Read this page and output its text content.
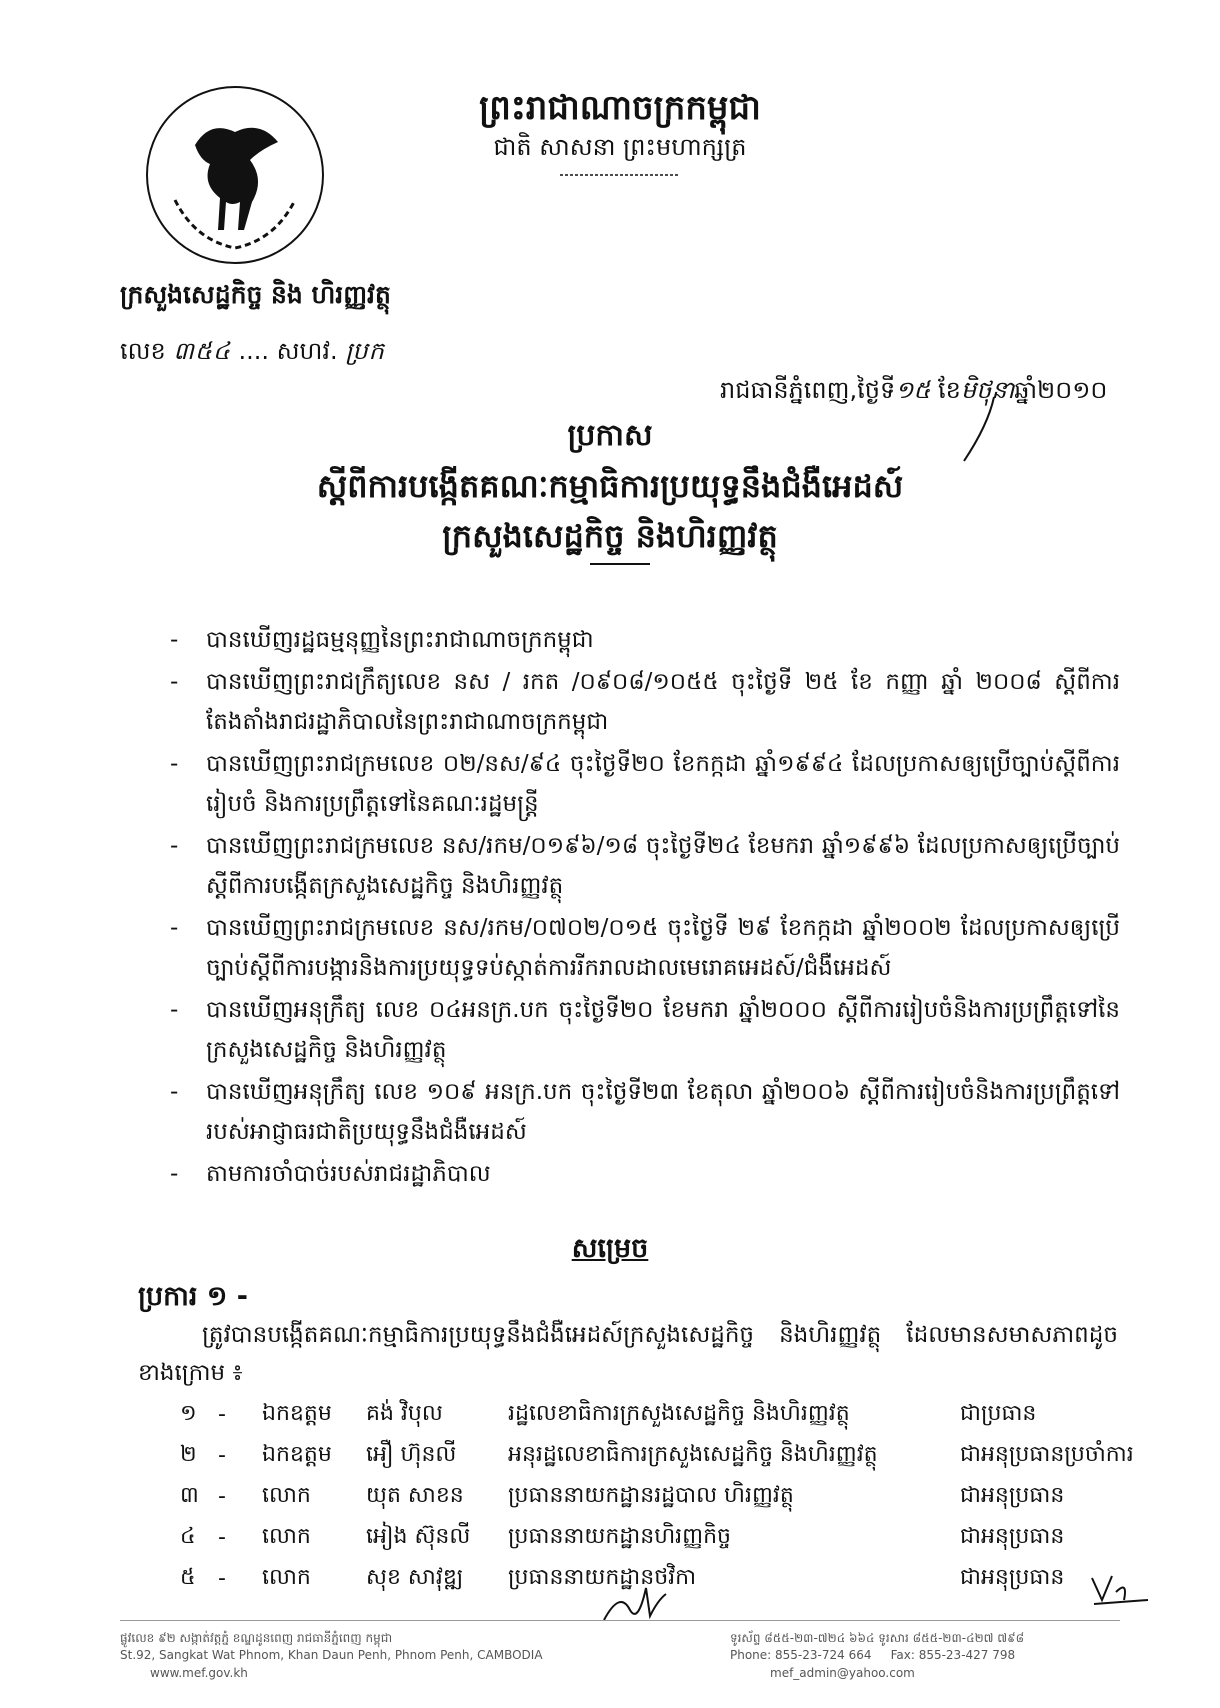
ព្រះរាជាណាចក្រកម្ពុជា
ជាតិ សាសនា ព្រះមហាក្សត្រ
ក្រសួងសេដ្ឋកិច្ច និង ហិរញ្ញវត្ថុ
លេខ ៣៥៤ .... សហវ. ប្រក
រាជធានីភ្នំពេញ,ថ្ងៃទី១៥ ខែមិថុនាឆ្នាំ២០១០
ប្រកាស
ស្តីពីការបង្កើតគណៈកម្មាធិការប្រយុទ្ធនឹងជំងឺអេដស៍
ក្រសួងសេដ្ឋកិច្ច និងហិរញ្ញវត្ថុ
-	បានឃើញរដ្ឋធម្មនុញ្ញនៃព្រះរាជាណាចក្រកម្ពុជា
-	បានឃើញព្រះរាជក្រឹត្យលេខ នស / រកត /០៩០៨/១០៥៥ ចុះថ្ងៃទី ២៥ ខែ កញ្ញា ឆ្នាំ ២០០៨ ស្តីពីការតែងតាំងរាជរដ្ឋាភិបាលនៃព្រះរាជាណាចក្រកម្ពុជា
-	បានឃើញព្រះរាជក្រមលេខ ០២/នស/៩៤ ចុះថ្ងៃទី២០ ខែកក្កដា ឆ្នាំ១៩៩៤ ដែលប្រកាសឲ្យប្រើច្បាប់ស្តីពីការរៀបចំ និងការប្រព្រឹត្តទៅនៃគណៈរដ្ឋមន្ត្រី
-	បានឃើញព្រះរាជក្រមលេខ នស/រកម/០១៩៦/១៨ ចុះថ្ងៃទី២៤ ខែមករា ឆ្នាំ១៩៩៦ ដែលប្រកាសឲ្យប្រើច្បាប់ស្តីពីការបង្កើតក្រសួងសេដ្ឋកិច្ច និងហិរញ្ញវត្ថុ
-	បានឃើញព្រះរាជក្រមលេខ នស/រកម/០៧០២/០១៥ ចុះថ្ងៃទី ២៩ ខែកក្កដា ឆ្នាំ២០០២ ដែលប្រកាសឲ្យប្រើ ច្បាប់ស្តីពីការបង្ការនិងការប្រយុទ្ធទប់ស្កាត់ការរីករាលដាលមេរោគអេដស៍/ជំងឺអេដស៍
-	បានឃើញអនុក្រឹត្យ លេខ ០៤អនក្រ.បក ចុះថ្ងៃទី២០ ខែមករា ឆ្នាំ២០០០ ស្តីពីការរៀបចំនិងការប្រព្រឹត្តទៅនៃក្រសួងសេដ្ឋកិច្ច និងហិរញ្ញវត្ថុ
-	បានឃើញអនុក្រឹត្យ លេខ ១០៩ អនក្រ.បក ចុះថ្ងៃទី២៣ ខែតុលា ឆ្នាំ២០០៦ ស្តីពីការរៀបចំនិងការប្រព្រឹត្តទៅរបស់អាជ្ញាធរជាតិប្រយុទ្ធនឹងជំងឺអេដស៍
-	តាមការចាំបាច់របស់រាជរដ្ឋាភិបាល
សម្រេច
ប្រការ ១ -
ត្រូវបានបង្កើតគណៈកម្មាធិការប្រយុទ្ធនឹងជំងឺអេដស៍ក្រសួងសេដ្ឋកិច្ច និងហិរញ្ញវត្ថុ ដែលមានសមាសភាពដូចខាងក្រោម ៖
១ -	ឯកឧត្តម	គង់ វិបុល	រដ្ឋលេខាធិការក្រសួងសេដ្ឋកិច្ច និងហិរញ្ញវត្ថុ	ជាប្រធាន
២ -	ឯកឧត្តម	អឿ ហ៊ុនលី	អនុរដ្ឋលេខាធិការក្រសួងសេដ្ឋកិច្ច និងហិរញ្ញវត្ថុ	ជាអនុប្រធានប្រចាំការ
៣ -	លោក	យុត សាខន	ប្រធាននាយកដ្ឋានរដ្ឋបាល ហិរញ្ញវត្ថុ	ជាអនុប្រធាន
៤	-	លោក	អៀង ស៊ុនលី	ប្រធាននាយកដ្ឋានហិរញ្ញកិច្ច	ជាអនុប្រធាន
៥	-	លោក	សុខ សាវុឌ្ឍ	ប្រធាននាយកដ្ឋានថវិកា	ជាអនុប្រធាន
ផ្លូវលេខ ៩២ សង្កាត់វត្តភ្នំ ខណ្ឌដូនពេញ រាជធានីភ្នំពេញ កម្ពុជា
St.92, Sangkat Wat Phnom, Khan Daun Penh, Phnom Penh, CAMBODIA
www.mef.gov.kh
ទូរស័ព្ទ ៨៥៥-២៣-៧២៤ ៦៦៤ ទូរសារ ៨៥៥-២៣-៤២៧ ៧៩៨
Phone: 855-23-724 664 Fax: 855-23-427 798
mef_admin@yahoo.com
